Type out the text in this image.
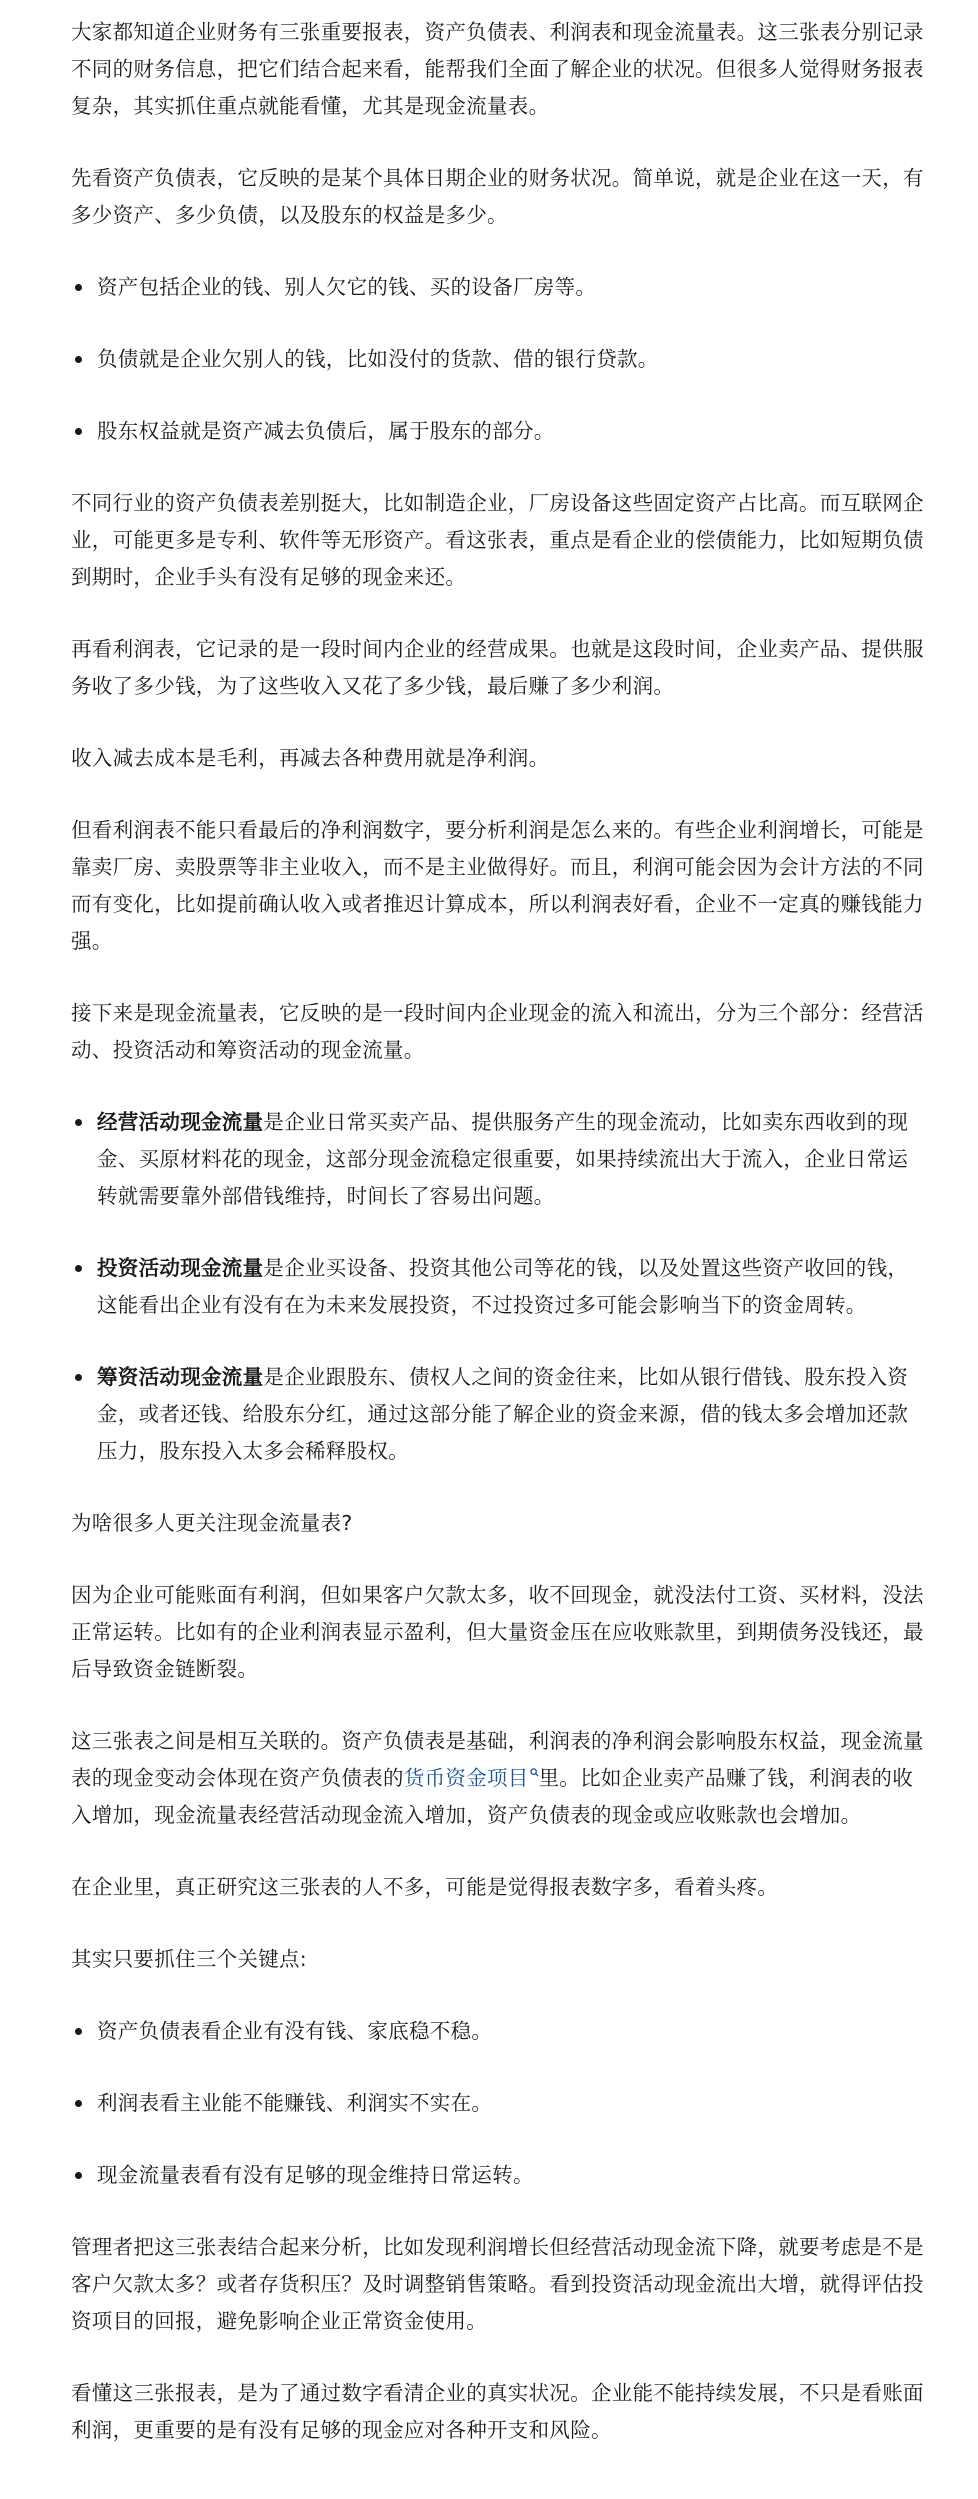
大家都知道企业财务有三张重要报表，资产负债表、利润表和现金流量表。这三张表分别记录不同的财务信息，把它们结合起来看，能帮我们全面了解企业的状况。但很多人觉得财务报表复杂，其实抓住重点就能看懂，尤其是现金流量表。

先看资产负债表，它反映的是某个具体日期企业的财务状况。简单说，就是企业在这一天，有多少资产、多少负债，以及股东的权益是多少。

资产包括企业的钱、别人欠它的钱、买的设备厂房等。
负债就是企业欠别人的钱，比如没付的货款、借的银行贷款。
股东权益就是资产减去负债后，属于股东的部分。

不同行业的资产负债表差别挺大，比如制造企业，厂房设备这些固定资产占比高。而互联网企业，可能更多是专利、软件等无形资产。看这张表，重点是看企业的偿债能力，比如短期负债到期时，企业手头有没有足够的现金来还。

再看利润表，它记录的是一段时间内企业的经营成果。也就是这段时间，企业卖产品、提供服务收了多少钱，为了这些收入又花了多少钱，最后赚了多少利润。

收入减去成本是毛利，再减去各种费用就是净利润。

但看利润表不能只看最后的净利润数字，要分析利润是怎么来的。有些企业利润增长，可能是靠卖厂房、卖股票等非主业收入，而不是主业做得好。而且，利润可能会因为会计方法的不同而有变化，比如提前确认收入或者推迟计算成本，所以利润表好看，企业不一定真的赚钱能力强。

接下来是现金流量表，它反映的是一段时间内企业现金的流入和流出，分为三个部分：经营活动、投资活动和筹资活动的现金流量。

经营活动现金流量是企业日常买卖产品、提供服务产生的现金流动，比如卖东西收到的现金、买原材料花的现金，这部分现金流稳定很重要，如果持续流出大于流入，企业日常运转就需要靠外部借钱维持，时间长了容易出问题。
投资活动现金流量是企业买设备、投资其他公司等花的钱，以及处置这些资产收回的钱，这能看出企业有没有在为未来发展投资，不过投资过多可能会影响当下的资金周转。
筹资活动现金流量是企业跟股东、债权人之间的资金往来，比如从银行借钱、股东投入资金，或者还钱、给股东分红，通过这部分能了解企业的资金来源，借的钱太多会增加还款压力，股东投入太多会稀释股权。

为啥很多人更关注现金流量表?

因为企业可能账面有利润，但如果客户欠款太多，收不回现金，就没法付工资、买材料，没法正常运转。比如有的企业利润表显示盈利，但大量资金压在应收账款里，到期债务没钱还，最后导致资金链断裂。

这三张表之间是相互关联的。资产负债表是基础，利润表的净利润会影响股东权益，现金流量表的现金变动会体现在资产负债表的货币资金项目 里。比如企业卖产品赚了钱，利润表的收入增加，现金流量表经营活动现金流入增加，资产负债表的现金或应收账款也会增加。

在企业里，真正研究这三张表的人不多，可能是觉得报表数字多，看着头疼。

其实只要抓住三个关键点:

资产负债表看企业有没有钱、家底稳不稳。
利润表看主业能不能赚钱、利润实不实在。
现金流量表看有没有足够的现金维持日常运转。

管理者把这三张表结合起来分析，比如发现利润增长但经营活动现金流下降，就要考虑是不是客户欠款太多？或者存货积压？及时调整销售策略。看到投资活动现金流出大增，就得评估投资项目的回报，避免影响企业正常资金使用。

看懂这三张报表，是为了通过数字看清企业的真实状况。企业能不能持续发展，不只是看账面利润，更重要的是有没有足够的现金应对各种开支和风险。
